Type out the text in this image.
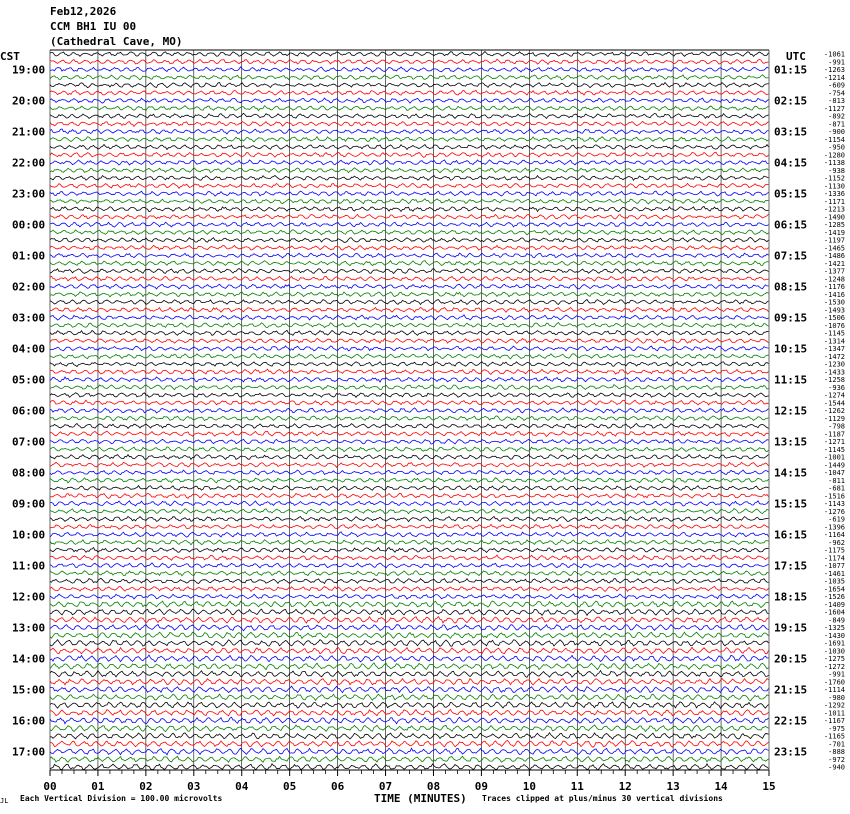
Feb12,2026
CCM BH1 IU 00
(Cathedral Cave, MO)
CST	UTC
19:00
20:00
21:00
22:00
23:00
00:00
01:00
02:00
03:00
04:00
05:00
06:00
07:00
08:00
09:00
10:00
11:00
12:00
13:00
14:00
15:00
16:00
17:00
01:15
02:15
03:15
04:15
05:15
06:15
07:15
08:15
09:15
10:15
11:15
12:15
13:15
14:15
15:15
16:15
17:15
18:15
19:15
20:15
21:15
22:15
23:15
-1061
-991
-1263
-1214
-609
-754
-813
-1127
-892
-871
-900
-1154
-950
-1280
-1138
-938
-1152
-1130
-1336
-1171
-1213
-1490
-1285
-1419
-1197
-1465
-1486
-1421
-1377
-1248
-1176
-1416
-1530
-1493
-1506
-1076
-1145
-1314
-1347
-1472
-1230
-1433
-1258
-936
-1274
-1544
-1262
-1129
-798
-1187
-1271
-1145
-1001
-1449
-1047
-811
-681
-1516
-1143
-1276
-619
-1396
-1164
-962
-1175
-1174
-1077
-1461
-1035
-1654
-1526
-1409
-1604
-849
-1325
-1430
-1691
-1030
-1275
-1272
-991
-1760
-1114
-980
-1292
-1011
-1167
-975
-1165
-701
-888
-972
-940
00	01	02	03	04	05	06	07	08	09	10	11	12	13	14	15
JL Each Vertical Division = 100.00 microvolts	TIME (MINUTES) Traces clipped at plus/minus 30 vertical divisions
